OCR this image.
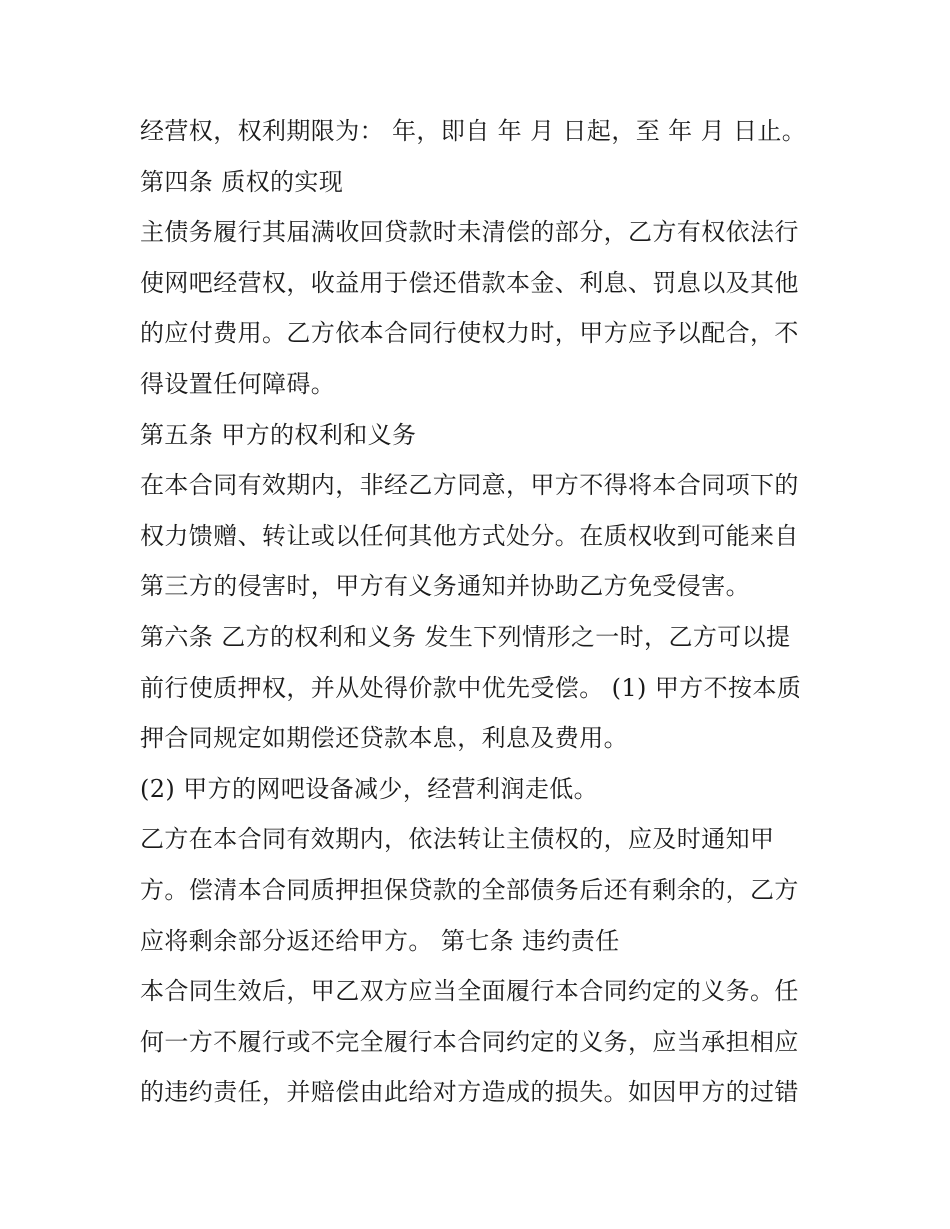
经营权，权利期限为： 年，即自 年 月 日起，至 年 月 日止。
第四条 质权的实现
主债务履行其届满收回贷款时未清偿的部分，乙方有权依法行
使网吧经营权，收益用于偿还借款本金、利息、罚息以及其他
的应付费用。乙方依本合同行使权力时，甲方应予以配合，不
得设置任何障碍。
第五条 甲方的权利和义务
在本合同有效期内，非经乙方同意，甲方不得将本合同项下的
权力馈赠、转让或以任何其他方式处分。在质权收到可能来自
第三方的侵害时，甲方有义务通知并协助乙方免受侵害。
第六条 乙方的权利和义务 发生下列情形之一时，乙方可以提
前行使质押权，并从处得价款中优先受偿。 (1) 甲方不按本质
押合同规定如期偿还贷款本息，利息及费用。
(2) 甲方的网吧设备减少，经营利润走低。
乙方在本合同有效期内，依法转让主债权的，应及时通知甲
方。偿清本合同质押担保贷款的全部债务后还有剩余的，乙方
应将剩余部分返还给甲方。 第七条 违约责任
本合同生效后，甲乙双方应当全面履行本合同约定的义务。任
何一方不履行或不完全履行本合同约定的义务，应当承担相应
的违约责任，并赔偿由此给对方造成的损失。如因甲方的过错
